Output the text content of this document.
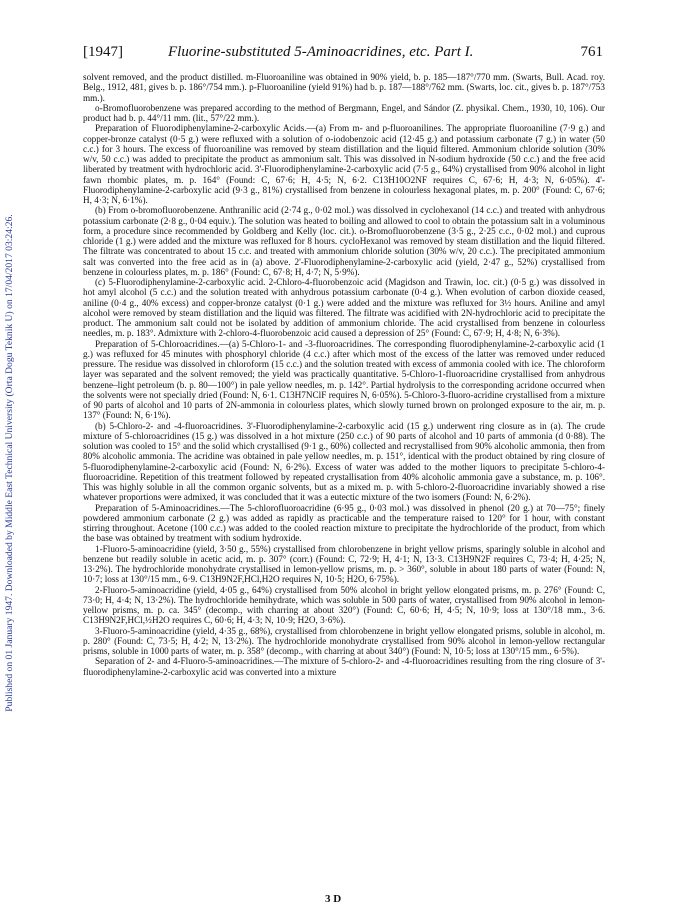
Published on 01 January 1947. Downloaded by Middle East Technical University (Orta Dogu Teknik U) on 17/04/2017 03:24:26.
[1947]	Fluorine-substituted 5-Aminoacridines, etc. Part I.	761

solvent removed, and the product distilled. m-Fluoroaniline was obtained in 90% yield, b. p. 185—187°/770 mm. (Swarts, Bull. Acad. roy. Belg., 1912, 481, gives b. p. 186°/754 mm.). p-Fluoroaniline (yield 91%) had b. p. 187—188°/762 mm. (Swarts, loc. cit., gives b. p. 187°/753 mm.).

o-Bromofluorobenzene was prepared according to the method of Bergmann, Engel, and Sándor (Z. physikal. Chem., 1930, 10, 106). Our product had b. p. 44°/11 mm. (lit., 57°/22 mm.).

Preparation of Fluorodiphenylamine-2-carboxylic Acids.—(a) From m- and p-fluoroanilines. The appropriate fluoroaniline (7·9 g.) and copper-bronze catalyst (0·5 g.) were refluxed with a solution of o-iodobenzoic acid (12·45 g.) and potassium carbonate (7 g.) in water (50 c.c.) for 3 hours. The excess of fluoroaniline was removed by steam distillation and the liquid filtered. Ammonium chloride solution (30% w/v, 50 c.c.) was added to precipitate the product as ammonium salt. This was dissolved in N-sodium hydroxide (50 c.c.) and the free acid liberated by treatment with hydrochloric acid. 3'-Fluorodiphenylamine-2-carboxylic acid (7·5 g., 64%) crystallised from 90% alcohol in light fawn rhombic plates, m. p. 164° (Found: C, 67·6; H, 4·5; N, 6·2. C13H10O2NF requires C, 67·6; H, 4·3; N, 6·05%). 4'-Fluorodiphenylamine-2-carboxylic acid (9·3 g., 81%) crystallised from benzene in colourless hexagonal plates, m. p. 200° (Found: C, 67·6; H, 4·3; N, 6·1%).

(b) From o-bromofluorobenzene. Anthranilic acid (2·74 g., 0·02 mol.) was dissolved in cyclohexanol (14 c.c.) and treated with anhydrous potassium carbonate (2·8 g., 0·04 equiv.). The solution was heated to boiling and allowed to cool to obtain the potassium salt in a voluminous form, a procedure since recommended by Goldberg and Kelly (loc. cit.). o-Bromofluorobenzene (3·5 g., 2·25 c.c., 0·02 mol.) and cuprous chloride (1 g.) were added and the mixture was refluxed for 8 hours. cycloHexanol was removed by steam distillation and the liquid filtered. The filtrate was concentrated to about 15 c.c. and treated with ammonium chloride solution (30% w/v, 20 c.c.). The precipitated ammonium salt was converted into the free acid as in (a) above. 2'-Fluorodiphenylamine-2-carboxylic acid (yield, 2·47 g., 52%) crystallised from benzene in colourless plates, m. p. 186° (Found: C, 67·8; H, 4·7; N, 5·9%).

(c) 5-Fluorodiphenylamine-2-carboxylic acid. 2-Chloro-4-fluorobenzoic acid (Magidson and Trawin, loc. cit.) (0·5 g.) was dissolved in hot amyl alcohol (5 c.c.) and the solution treated with anhydrous potassium carbonate (0·4 g.). When evolution of carbon dioxide ceased, aniline (0·4 g., 40% excess) and copper-bronze catalyst (0·1 g.) were added and the mixture was refluxed for 3½ hours. Aniline and amyl alcohol were removed by steam distillation and the liquid was filtered. The filtrate was acidified with 2N-hydrochloric acid to precipitate the product. The ammonium salt could not be isolated by addition of ammonium chloride. The acid crystallised from benzene in colourless needles, m. p. 183°. Admixture with 2-chloro-4-fluorobenzoic acid caused a depression of 25° (Found: C, 67·9; H, 4·8; N, 6·3%).

Preparation of 5-Chloroacridines.—(a) 5-Chloro-1- and -3-fluoroacridines. The corresponding fluorodiphenylamine-2-carboxylic acid (1 g.) was refluxed for 45 minutes with phosphoryl chloride (4 c.c.) after which most of the excess of the latter was removed under reduced pressure. The residue was dissolved in chloroform (15 c.c.) and the solution treated with excess of ammonia cooled with ice. The chloroform layer was separated and the solvent removed; the yield was practically quantitative. 5-Chloro-1-fluoroacridine crystallised from anhydrous benzene–light petroleum (b. p. 80—100°) in pale yellow needles, m. p. 142°. Partial hydrolysis to the corresponding acridone occurred when the solvents were not specially dried (Found: N, 6·1. C13H7NClF requires N, 6·05%). 5-Chloro-3-fluoro-acridine crystallised from a mixture of 90 parts of alcohol and 10 parts of 2N-ammonia in colourless plates, which slowly turned brown on prolonged exposure to the air, m. p. 137° (Found: N, 6·1%).

(b) 5-Chloro-2- and -4-fluoroacridines. 3'-Fluorodiphenylamine-2-carboxylic acid (15 g.) underwent ring closure as in (a). The crude mixture of 5-chloroacridines (15 g.) was dissolved in a hot mixture (250 c.c.) of 90 parts of alcohol and 10 parts of ammonia (d 0·88). The solution was cooled to 15° and the solid which crystallised (9·1 g., 60%) collected and recrystallised from 90% alcoholic ammonia, then from 80% alcoholic ammonia. The acridine was obtained in pale yellow needles, m. p. 151°, identical with the product obtained by ring closure of 5-fluorodiphenylamine-2-carboxylic acid (Found: N, 6·2%). Excess of water was added to the mother liquors to precipitate 5-chloro-4-fluoroacridine. Repetition of this treatment followed by repeated crystallisation from 40% alcoholic ammonia gave a substance, m. p. 106°. This was highly soluble in all the common organic solvents, but as a mixed m. p. with 5-chloro-2-fluoroacridine invariably showed a rise whatever proportions were admixed, it was concluded that it was a eutectic mixture of the two isomers (Found: N, 6·2%).

Preparation of 5-Aminoacridines.—The 5-chlorofluoroacridine (6·95 g., 0·03 mol.) was dissolved in phenol (20 g.) at 70—75°; finely powdered ammonium carbonate (2 g.) was added as rapidly as practicable and the temperature raised to 120° for 1 hour, with constant stirring throughout. Acetone (100 c.c.) was added to the cooled reaction mixture to precipitate the hydrochloride of the product, from which the base was obtained by treatment with sodium hydroxide.

1-Fluoro-5-aminoacridine (yield, 3·50 g., 55%) crystallised from chlorobenzene in bright yellow prisms, sparingly soluble in alcohol and benzene but readily soluble in acetic acid, m. p. 307° (corr.) (Found: C, 72·9; H, 4·1; N, 13·3. C13H9N2F requires C, 73·4; H, 4·25; N, 13·2%). The hydrochloride monohydrate crystallised in lemon-yellow prisms, m. p. > 360°, soluble in about 180 parts of water (Found: N, 10·7; loss at 130°/15 mm., 6·9. C13H9N2F,HCl,H2O requires N, 10·5; H2O, 6·75%).

2-Fluoro-5-aminoacridine (yield, 4·05 g., 64%) crystallised from 50% alcohol in bright yellow elongated prisms, m. p. 276° (Found: C, 73·0; H, 4·4; N, 13·2%). The hydrochloride hemihydrate, which was soluble in 500 parts of water, crystallised from 90% alcohol in lemon-yellow prisms, m. p. ca. 345° (decomp., with charring at about 320°) (Found: C, 60·6; H, 4·5; N, 10·9; loss at 130°/18 mm., 3·6. C13H9N2F,HCl,½H2O requires C, 60·6; H, 4·3; N, 10·9; H2O, 3·6%).

3-Fluoro-5-aminoacridine (yield, 4·35 g., 68%), crystallised from chlorobenzene in bright yellow elongated prisms, soluble in alcohol, m. p. 280° (Found: C, 73·5; H, 4·2; N, 13·2%). The hydrochloride monohydrate crystallised from 90% alcohol in lemon-yellow rectangular prisms, soluble in 1000 parts of water, m. p. 358° (decomp., with charring at about 340°) (Found: N, 10·5; loss at 130°/15 mm., 6·5%).

Separation of 2- and 4-Fluoro-5-aminoacridines.—The mixture of 5-chloro-2- and -4-fluoroacridines resulting from the ring closure of 3'-fluorodiphenylamine-2-carboxylic acid was converted into a mixture

3 D
